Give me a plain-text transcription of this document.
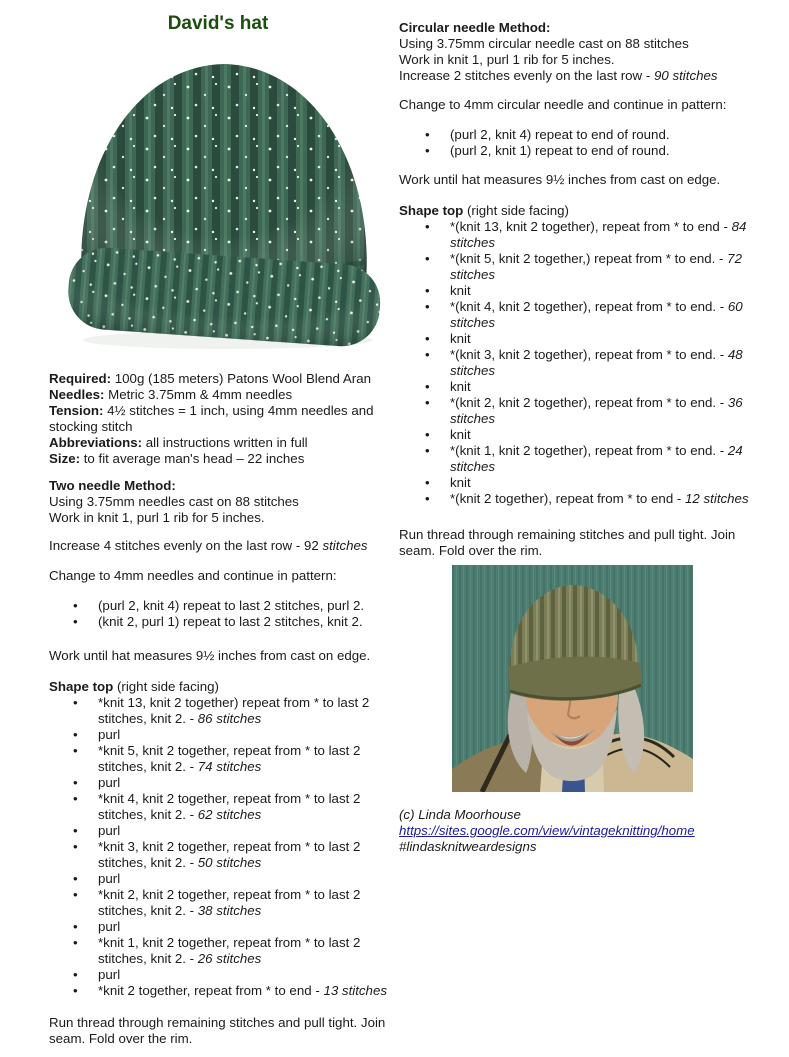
David's hat

Required: 100g (185 meters) Patons Wool Blend Aran
Needles: Metric 3.75mm & 4mm needles
Tension: 4½ stitches = 1 inch, using 4mm needles and stocking stitch
Abbreviations: all instructions written in full
Size: to fit average man's head – 22 inches

Two needle Method:
Using 3.75mm needles cast on 88 stitches
Work in knit 1, purl 1 rib for 5 inches.

Increase 4 stitches evenly on the last row - 92 stitches

Change to 4mm needles and continue in pattern:

• (purl 2, knit 4) repeat to last 2 stitches, purl 2.
• (knit 2, purl 1) repeat to last 2 stitches, knit 2.

Work until hat measures 9½ inches from cast on edge.

Shape top (right side facing)

• *knit 13, knit 2 together) repeat from * to last 2 stitches, knit 2. - 86 stitches
• purl
• *knit 5, knit 2 together, repeat from * to last 2 stitches, knit 2. - 74 stitches
• purl
• *knit 4, knit 2 together, repeat from * to last 2 stitches, knit 2. - 62 stitches
• purl
• *knit 3, knit 2 together, repeat from * to last 2 stitches, knit 2. - 50 stitches
• purl
• *knit 2, knit 2 together, repeat from * to last 2 stitches, knit 2. - 38 stitches
• purl
• *knit 1, knit 2 together, repeat from * to last 2 stitches, knit 2. - 26 stitches
• purl
• *knit 2 together, repeat from * to end - 13 stitches

Run thread through remaining stitches and pull tight. Join seam. Fold over the rim.

Circular needle Method:
Using 3.75mm circular needle cast on 88 stitches
Work in knit 1, purl 1 rib for 5 inches.
Increase 2 stitches evenly on the last row - 90 stitches

Change to 4mm circular needle and continue in pattern:

• (purl 2, knit 4) repeat to end of round.
• (purl 2, knit 1) repeat to end of round.

Work until hat measures 9½ inches from cast on edge.

Shape top (right side facing)

• *(knit 13, knit 2 together), repeat from * to end - 84 stitches
• *(knit 5, knit 2 together,) repeat from * to end. - 72 stitches
• knit
• *(knit 4, knit 2 together), repeat from * to end. - 60 stitches
• knit
• *(knit 3, knit 2 together), repeat from * to end. - 48 stitches
• knit
• *(knit 2, knit 2 together), repeat from * to end. - 36 stitches
• knit
• *(knit 1, knit 2 together), repeat from * to end. - 24 stitches
• knit
• *(knit 2 together), repeat from * to end - 12 stitches

Run thread through remaining stitches and pull tight. Join seam. Fold over the rim.

(c) Linda Moorhouse
https://sites.google.com/view/vintageknitting/home
#lindasknitweardesigns
